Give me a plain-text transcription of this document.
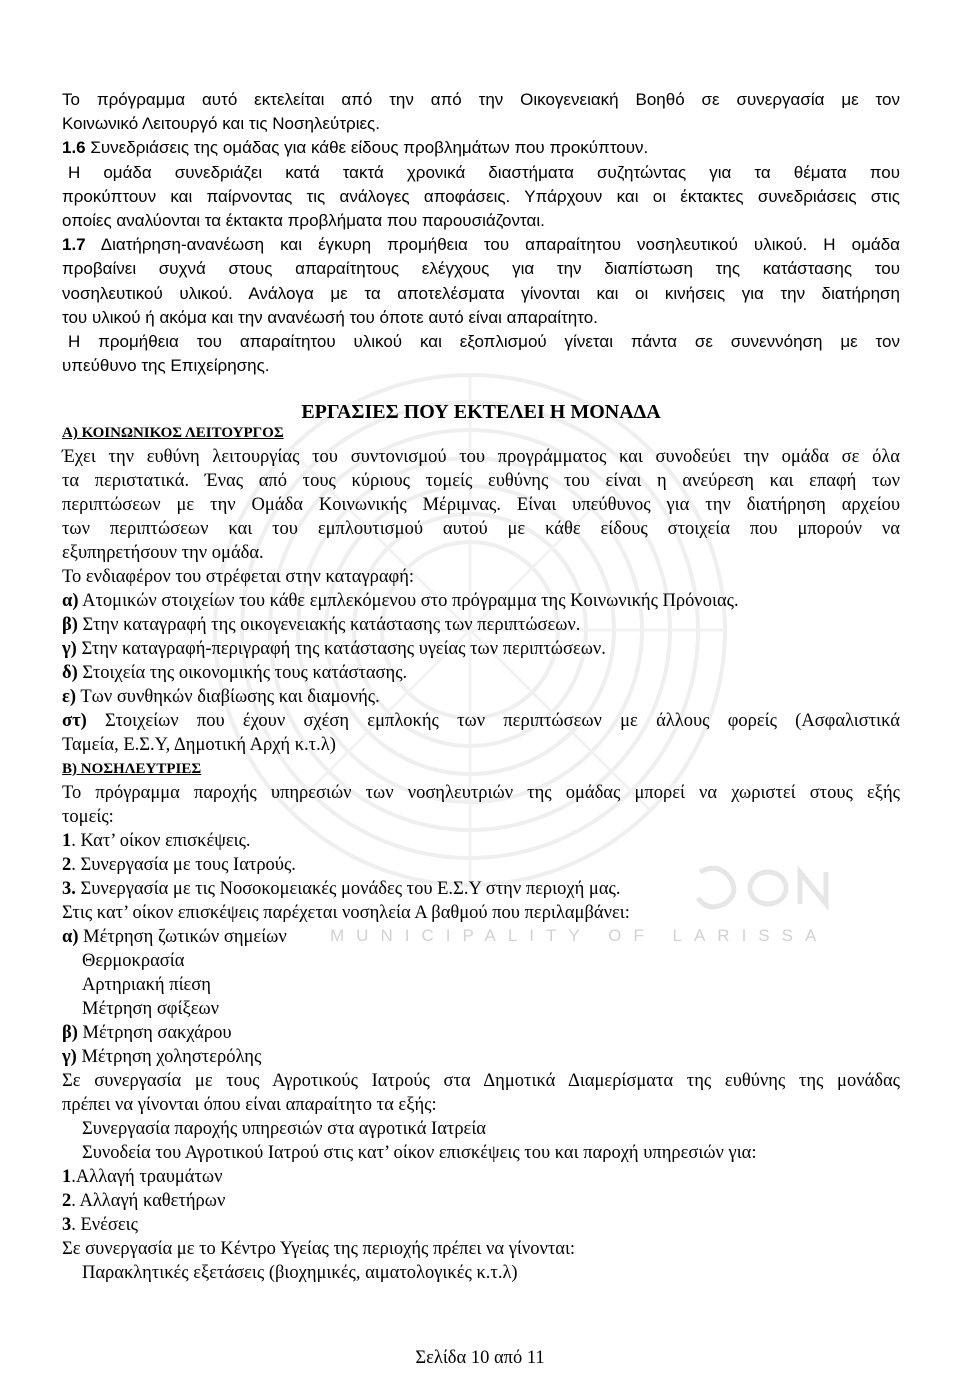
MUNICIPALITY OF LARISSA
Το πρόγραμμα αυτό εκτελείται από την από την Οικογενειακή Βοηθό σε συνεργασία με τον
Κοινωνικό Λειτουργό και τις Νοσηλεύτριες.
1.6 Συνεδριάσεις της ομάδας για κάθε είδους προβλημάτων που προκύπτουν.
Η ομάδα συνεδριάζει κατά τακτά χρονικά διαστήματα συζητώντας για τα θέματα που
προκύπτουν και παίρνοντας τις ανάλογες αποφάσεις. Υπάρχουν και οι έκτακτες συνεδριάσεις στις
οποίες αναλύονται τα έκτακτα προβλήματα που παρουσιάζονται.
1.7 Διατήρηση-ανανέωση και έγκυρη προμήθεια του απαραίτητου νοσηλευτικού υλικού. Η ομάδα
προβαίνει συχνά στους απαραίτητους ελέγχους για την διαπίστωση της κατάστασης του
νοσηλευτικού υλικού. Ανάλογα με τα αποτελέσματα γίνονται και οι κινήσεις για την διατήρηση
του υλικού ή ακόμα και την ανανέωσή του όποτε αυτό είναι απαραίτητο.
Η προμήθεια του απαραίτητου υλικού και εξοπλισμού γίνεται πάντα σε συνεννόηση με τον
υπεύθυνο της Επιχείρησης.
ΕΡΓΑΣΙΕΣ ΠΟΥ ΕΚΤΕΛΕΙ Η ΜΟΝΑΔΑ
Α) ΚΟΙΝΩΝΙΚΟΣ ΛΕΙΤΟΥΡΓΟΣ
Έχει την ευθύνη λειτουργίας του συντονισμού του προγράμματος και συνοδεύει την ομάδα σε όλα
τα περιστατικά. Ένας από τους κύριους τομείς ευθύνης του είναι η ανεύρεση και επαφή των
περιπτώσεων με την Ομάδα Κοινωνικής Μέριμνας. Είναι υπεύθυνος για την διατήρηση αρχείου
των περιπτώσεων και του εμπλουτισμού αυτού με κάθε είδους στοιχεία που μπορούν να
εξυπηρετήσουν την ομάδα.
Το ενδιαφέρον του στρέφεται στην καταγραφή:
α) Ατομικών στοιχείων του κάθε εμπλεκόμενου στο πρόγραμμα της Κοινωνικής Πρόνοιας.
β) Στην καταγραφή της οικογενειακής κατάστασης των περιπτώσεων.
γ) Στην καταγραφή-περιγραφή της κατάστασης υγείας των περιπτώσεων.
δ) Στοιχεία της οικονομικής τους κατάστασης.
ε) Των συνθηκών διαβίωσης και διαμονής.
στ) Στοιχείων που έχουν σχέση εμπλοκής των περιπτώσεων με άλλους φορείς (Ασφαλιστικά
Ταμεία, Ε.Σ.Υ, Δημοτική Αρχή κ.τ.λ)
Β) ΝΟΣΗΛΕΥΤΡΙΕΣ
Το πρόγραμμα παροχής υπηρεσιών των νοσηλευτριών της ομάδας μπορεί να χωριστεί στους εξής
τομείς:
1. Κατ’ οίκον επισκέψεις.
2. Συνεργασία με τους Ιατρούς.
3. Συνεργασία με τις Νοσοκομειακές μονάδες του Ε.Σ.Υ στην περιοχή μας.
Στις κατ’ οίκον επισκέψεις παρέχεται νοσηλεία Α βαθμού που περιλαμβάνει:
α) Μέτρηση ζωτικών σημείων
Θερμοκρασία
Αρτηριακή πίεση
Μέτρηση σφίξεων
β) Μέτρηση σακχάρου
γ) Μέτρηση χοληστερόλης
Σε συνεργασία με τους Αγροτικούς Ιατρούς στα Δημοτικά Διαμερίσματα της ευθύνης της μονάδας
πρέπει να γίνονται όπου είναι απαραίτητο τα εξής:
Συνεργασία παροχής υπηρεσιών στα αγροτικά Ιατρεία
Συνοδεία του Αγροτικού Ιατρού στις κατ’ οίκον επισκέψεις του και παροχή υπηρεσιών για:
1.Αλλαγή τραυμάτων
2. Αλλαγή καθετήρων
3. Ενέσεις
Σε συνεργασία με το Κέντρο Υγείας της περιοχής πρέπει να γίνονται:
Παρακλητικές εξετάσεις (βιοχημικές, αιματολογικές κ.τ.λ)
Σελίδα 10 από 11
